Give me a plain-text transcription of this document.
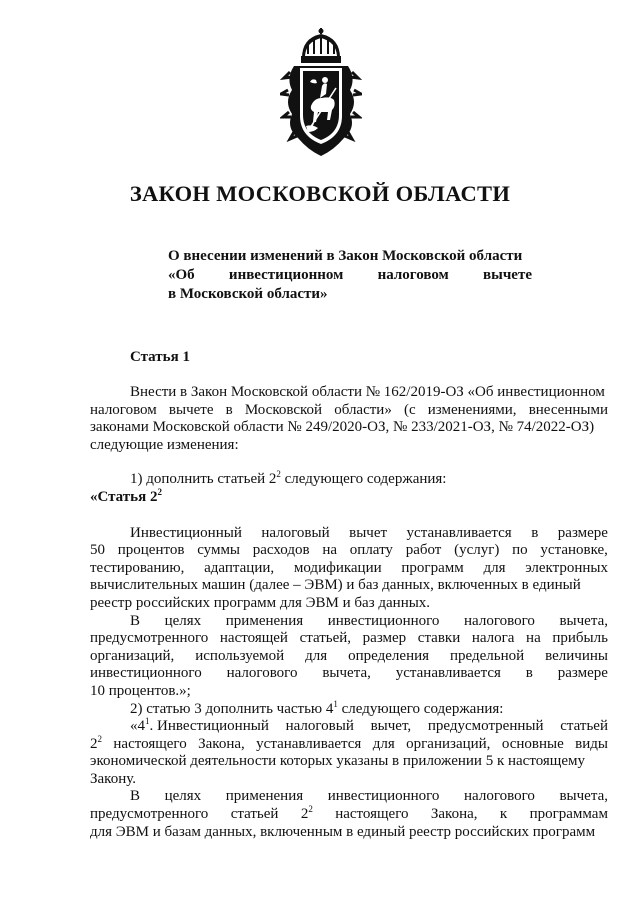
ЗАКОН МОСКОВСКОЙ ОБЛАСТИ
О внесении изменений в Закон Московской области
«Об инвестиционном налоговом вычете
в Московской области»
Статья 1
Внести в Закон Московской области № 162/2019-ОЗ «Об инвестиционном
налоговом вычете в Московской области» (с изменениями, внесенными
законами Московской области № 249/2020-ОЗ, № 233/2021-ОЗ, № 74/2022-ОЗ)
следующие изменения:
1) дополнить статьей $2^2$ следующего содержания:
«Статья $2^2$
Инвестиционный налоговый вычет устанавливается в размере
50 процентов суммы расходов на оплату работ (услуг) по установке,
тестированию, адаптации, модификации программ для электронных
вычислительных машин (далее – ЭВМ) и баз данных, включенных в единый
реестр российских программ для ЭВМ и баз данных.
В целях применения инвестиционного налогового вычета,
предусмотренного настоящей статьей, размер ставки налога на прибыль
организаций, используемой для определения предельной величины
инвестиционного налогового вычета, устанавливается в размере
10 процентов.»;
2) статью 3 дополнить частью $4^1$ следующего содержания:
«$4^1$. Инвестиционный налоговый вычет, предусмотренный статьей
$2^2$ настоящего Закона, устанавливается для организаций, основные виды
экономической деятельности которых указаны в приложении 5 к настоящему
Закону.
В целях применения инвестиционного налогового вычета,
предусмотренного статьей $2^2$ настоящего Закона, к программам
для ЭВМ и базам данных, включенным в единый реестр российских программ
